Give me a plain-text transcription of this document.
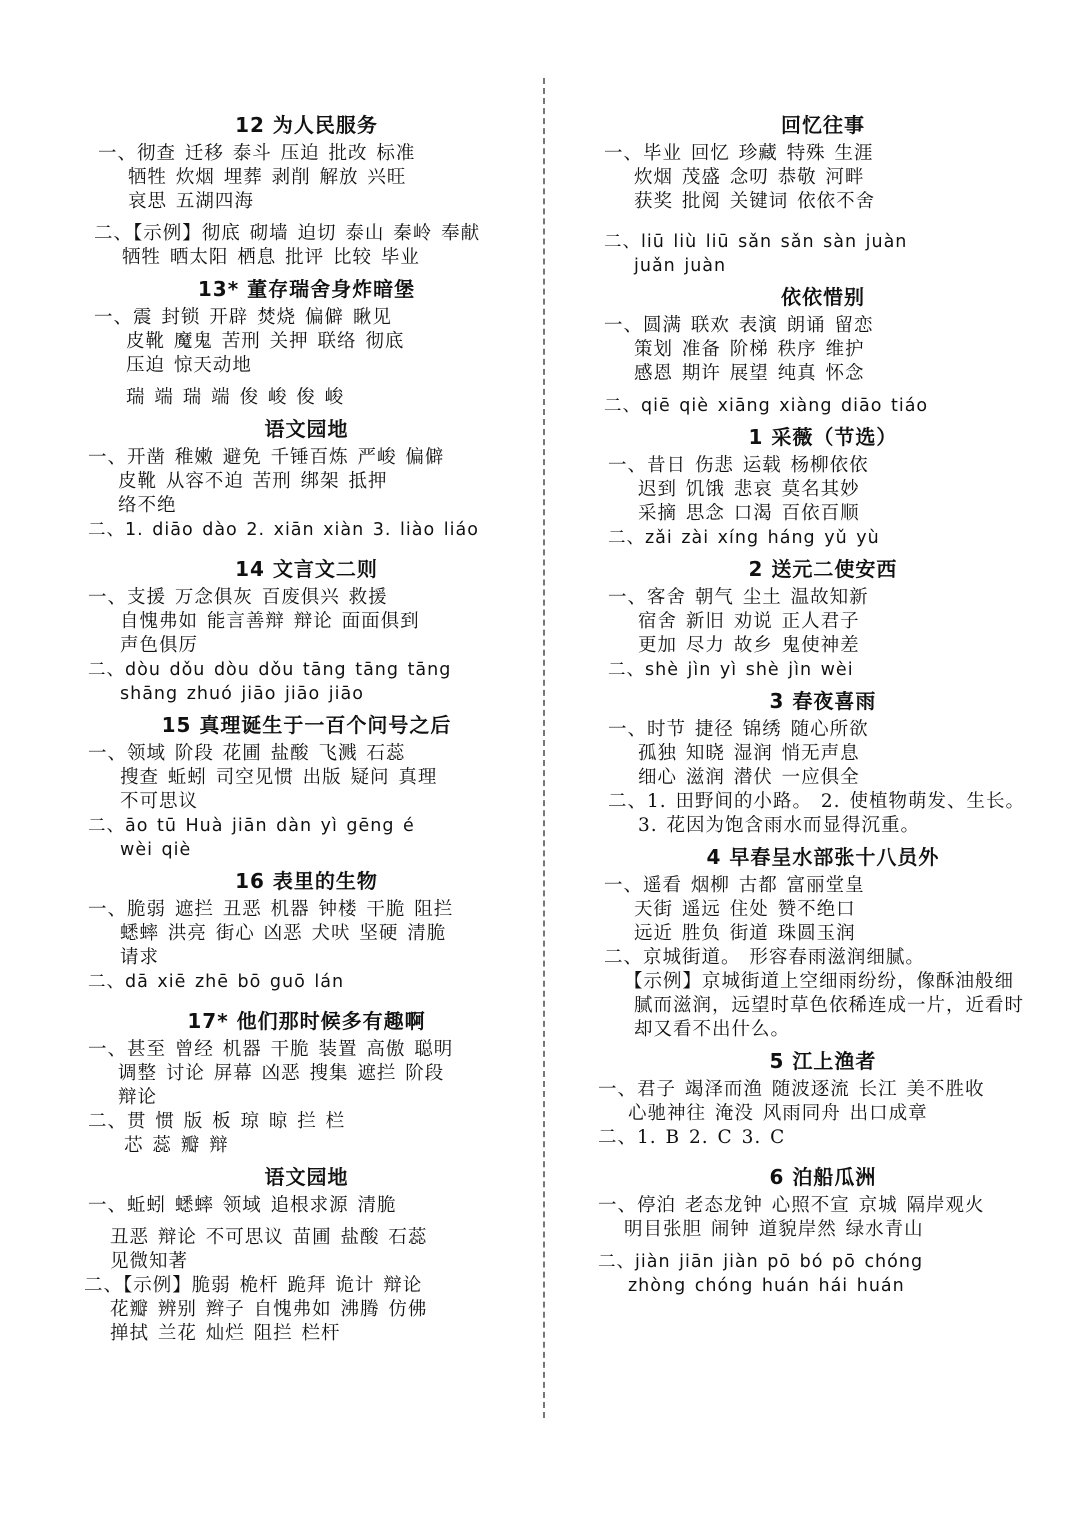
12 为人民服务
一、彻查 迁移 泰斗 压迫 批改 标准
牺牲 炊烟 埋葬 剥削 解放 兴旺
哀思 五湖四海
二、【示例】彻底 砌墙 迫切 泰山 秦岭 奉献
牺牲 晒太阳 栖息 批评 比较 毕业
13* 董存瑞舍身炸暗堡
一、震 封锁 开辟 焚烧 偏僻 瞅见
皮靴 魔鬼 苦刑 关押 联络 彻底
压迫 惊天动地
瑞 端 瑞 端 俊 峻 俊 峻
语文园地
一、开凿 稚嫩 避免 千锤百炼 严峻 偏僻
皮靴 从容不迫 苦刑 绑架 抵押
络不绝
二、1. diāo dào 2. xiān xiàn 3. liào liáo
14 文言文二则
一、支援 万念俱灰 百废俱兴 救援
自愧弗如 能言善辩 辩论 面面俱到
声色俱厉
二、dòu dǒu dòu dǒu tāng tāng tāng
shāng zhuó jiāo jiāo jiāo
15 真理诞生于一百个问号之后
一、领域 阶段 花圃 盐酸 飞溅 石蕊
搜查 蚯蚓 司空见惯 出版 疑问 真理
不可思议
二、āo tū Huà jiān dàn yì gēng é
wèi qiè
16 表里的生物
一、脆弱 遮拦 丑恶 机器 钟楼 干脆 阻拦
蟋蟀 洪亮 街心 凶恶 犬吠 坚硬 清脆
请求
二、dā xiē zhē bō guō lán
17* 他们那时候多有趣啊
一、甚至 曾经 机器 干脆 装置 高傲 聪明
调整 讨论 屏幕 凶恶 搜集 遮拦 阶段
辩论
二、贯 惯 版 板 琼 晾 拦 栏
芯 蕊 瓣 辩
语文园地
一、蚯蚓 蟋蟀 领域 追根求源 清脆
丑恶 辩论 不可思议 苗圃 盐酸 石蕊
见微知著
二、【示例】脆弱 桅杆 跪拜 诡计 辩论
花瓣 辨别 辫子 自愧弗如 沸腾 仿佛
掸拭 兰花 灿烂 阻拦 栏杆
回忆往事
一、毕业 回忆 珍藏 特殊 生涯
炊烟 茂盛 念叨 恭敬 河畔
获奖 批阅 关键词 依依不舍
二、liū liù liū sǎn sǎn sàn juàn
juǎn juàn
依依惜别
一、圆满 联欢 表演 朗诵 留恋
策划 准备 阶梯 秩序 维护
感恩 期许 展望 纯真 怀念
二、qiē qiè xiāng xiàng diāo tiáo
1 采薇（节选）
一、昔日 伤悲 运载 杨柳依依
迟到 饥饿 悲哀 莫名其妙
采摘 思念 口渴 百依百顺
二、zǎi zài xíng háng yǔ yù
2 送元二使安西
一、客舍 朝气 尘土 温故知新
宿舍 新旧 劝说 正人君子
更加 尽力 故乡 鬼使神差
二、shè jìn yì shè jìn wèi
3 春夜喜雨
一、时节 捷径 锦绣 随心所欲
孤独 知晓 湿润 悄无声息
细心 滋润 潜伏 一应俱全
二、1. 田野间的小路。 2. 使植物萌发、生长。
3. 花因为饱含雨水而显得沉重。
4 早春呈水部张十八员外
一、遥看 烟柳 古都 富丽堂皇
天街 遥远 住处 赞不绝口
远近 胜负 街道 珠圆玉润
二、京城街道。 形容春雨滋润细腻。
【示例】京城街道上空细雨纷纷，像酥油般细
腻而滋润，远望时草色依稀连成一片，近看时
却又看不出什么。
5 江上渔者
一、君子 竭泽而渔 随波逐流 长江 美不胜收
心驰神往 淹没 风雨同舟 出口成章
二、1. B 2. C 3. C
6 泊船瓜洲
一、停泊 老态龙钟 心照不宣 京城 隔岸观火
明目张胆 闹钟 道貌岸然 绿水青山
二、jiàn jiān jiàn pō bó pō chóng
zhòng chóng huán hái huán
